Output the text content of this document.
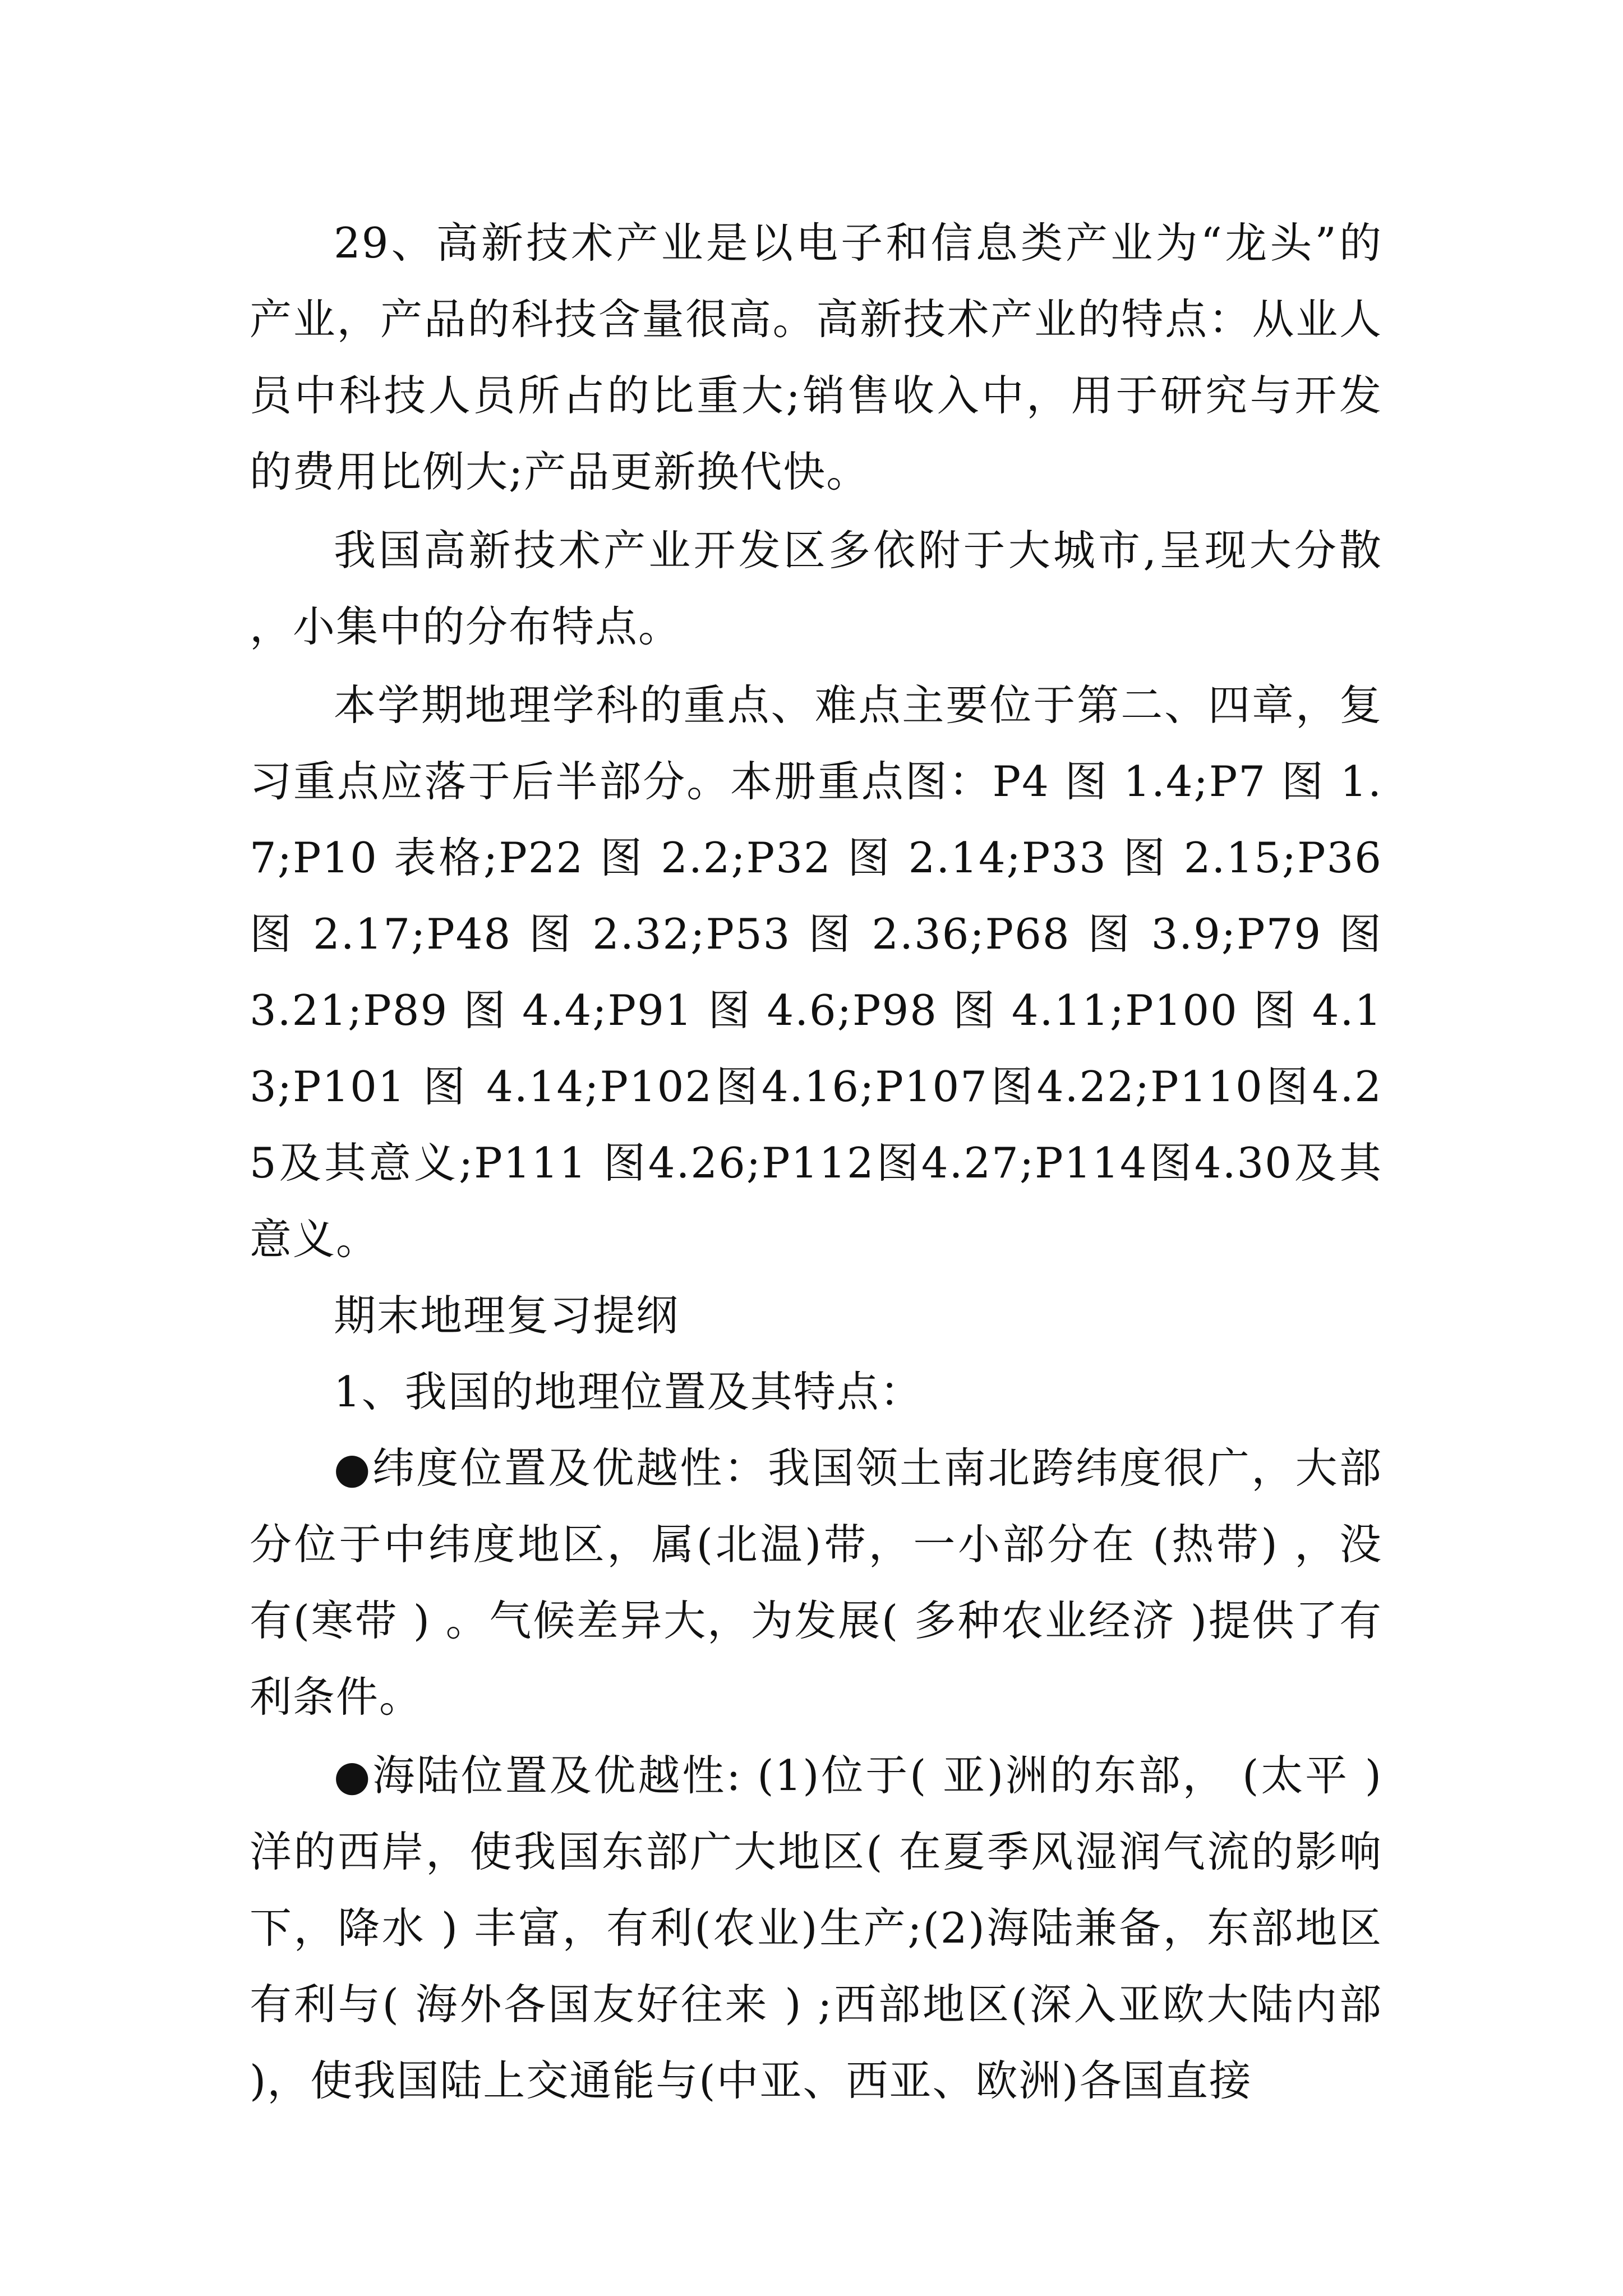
29、高新技术产业是以电子和信息类产业为“龙头”的产业，产品的科技含量很高。高新技术产业的特点：从业人员中科技人员所占的比重大;销售收入中，用于研究与开发的费用比例大;产品更新换代快。

我国高新技术产业开发区多依附于大城市,呈现大分散，小集中的分布特点。

本学期地理学科的重点、难点主要位于第二、四章，复习重点应落于后半部分。本册重点图：P4 图 1.4;P7 图 1.7;P10 表格;P22 图 2.2;P32 图 2.14;P33 图 2.15;P36 图 2.17;P48 图 2.32;P53 图 2.36;P68 图 3.9;P79 图 3.21;P89 图 4.4;P91 图 4.6;P98 图 4.11;P100 图 4.13;P101 图 4.14;P102图4.16;P107图4.22;P110图4.25及其意义;P111 图4.26;P112图4.27;P114图4.30及其意义。

期末地理复习提纲

1、我国的地理位置及其特点：

●纬度位置及优越性：我国领土南北跨纬度很广，大部分位于中纬度地区，属(北温)带，一小部分在 (热带) ，没有(寒带 ) 。气候差异大，为发展( 多种农业经济 )提供了有利条件。

●海陆位置及优越性: (1)位于( 亚)洲的东部， (太平 )洋的西岸，使我国东部广大地区( 在夏季风湿润气流的影响下，降水 ) 丰富，有利(农业)生产;(2)海陆兼备，东部地区有利与( 海外各国友好往来 ) ;西部地区(深入亚欧大陆内部 )，使我国陆上交通能与(中亚、西亚、欧洲)各国直接
